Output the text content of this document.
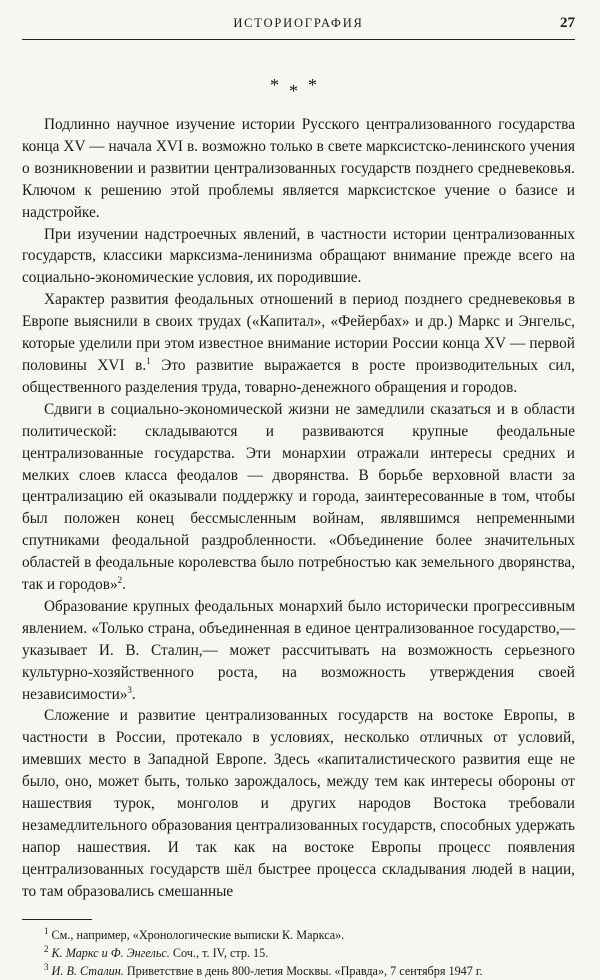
ИСТОРИОГРАФИЯ	27
***

Подлинно научное изучение истории Русского централизованного государства конца XV — начала XVI в. возможно только в свете марксистско-ленинского учения о возникновении и развитии централизованных государств позднего средневековья. Ключом к решению этой проблемы является марксистское учение о базисе и надстройке.

При изучении надстроечных явлений, в частности истории централизованных государств, классики марксизма-ленинизма обращают внимание прежде всего на социально-экономические условия, их породившие.

Характер развития феодальных отношений в период позднего средневековья в Европе выяснили в своих трудах («Капитал», «Фейербах» и др.) Маркс и Энгельс, которые уделили при этом известное внимание истории России конца XV — первой половины XVI в.$^1$ Это развитие выражается в росте производительных сил, общественного разделения труда, товарно-денежного обращения и городов.

Сдвиги в социально-экономической жизни не замедлили сказаться и в области политической: складываются и развиваются крупные феодальные централизованные государства. Эти монархии отражали интересы средних и мелких слоев класса феодалов — дворянства. В борьбе верховной власти за централизацию ей оказывали поддержку и города, заинтересованные в том, чтобы был положен конец бессмысленным войнам, являвшимся непременными спутниками феодальной раздробленности. «Объединение более значительных областей в феодальные королевства было потребностью как земельного дворянства, так и городов»$^2$.

Образование крупных феодальных монархий было исторически прогрессивным явлением. «Только страна, объединенная в единое централизованное государство,— указывает И. В. Сталин,— может рассчитывать на возможность серьезного культурно-хозяйственного роста, на возможность утверждения своей независимости»$^3$.

Сложение и развитие централизованных государств на востоке Европы, в частности в России, протекало в условиях, несколько отличных от условий, имевших место в Западной Европе. Здесь «капиталистического развития еще не было, оно, может быть, только зарождалось, между тем как интересы обороны от нашествия турок, монголов и других народов Востока требовали незамедлительного образования централизованных государств, способных удержать напор нашествия. И так как на востоке Европы процесс появления централизованных государств шёл быстрее процесса складывания людей в нации, то там образовались смешанные

$^1$ См., например, «Хронологические выписки К. Маркса».

$^2$ К. Маркс и Ф. Энгельс. Соч., т. IV, стр. 15.

$^3$ И. В. Сталин. Приветствие в день 800-летия Москвы. «Правда», 7 сентября 1947 г.
